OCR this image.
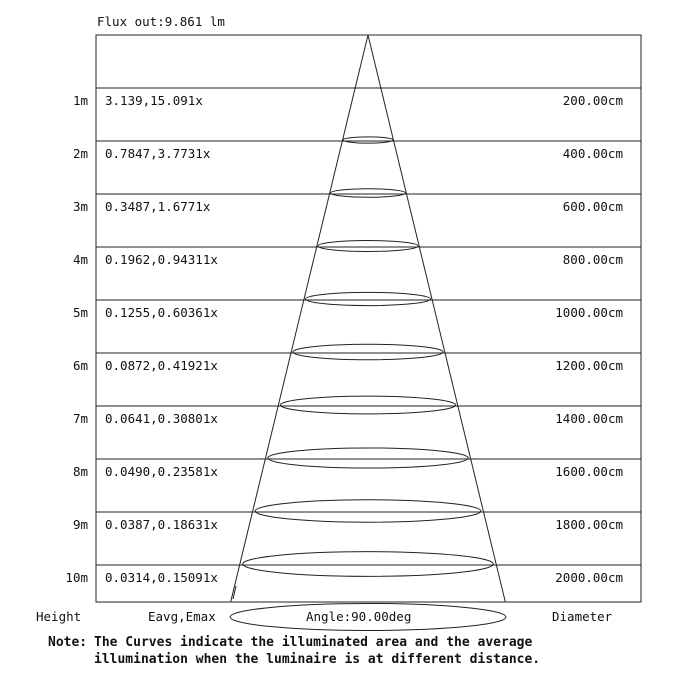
Flux out:9.861 lm
1m 3.139,15.091x	200.00cm
2m 0.7847,3.7731x	400.00cm
3m 0.3487,1.6771x	600.00cm
4m 0.1962,0.94311x	800.00cm
5m 0.1255,0.60361x	1000.00cm
6m 0.0872,0.41921x	1200.00cm
7m 0.0641,0.30801x	1400.00cm
8m 0.0490,0.23581x	1600.00cm
9m 0.0387,0.18631x	1800.00cm
10m 0.0314,0.15091x	2000.00cm
Height	Eavg,Emax	Angle:90.00deg	Diameter
Note: The Curves indicate the illuminated area and the average
illumination when the luminaire is at different distance.
